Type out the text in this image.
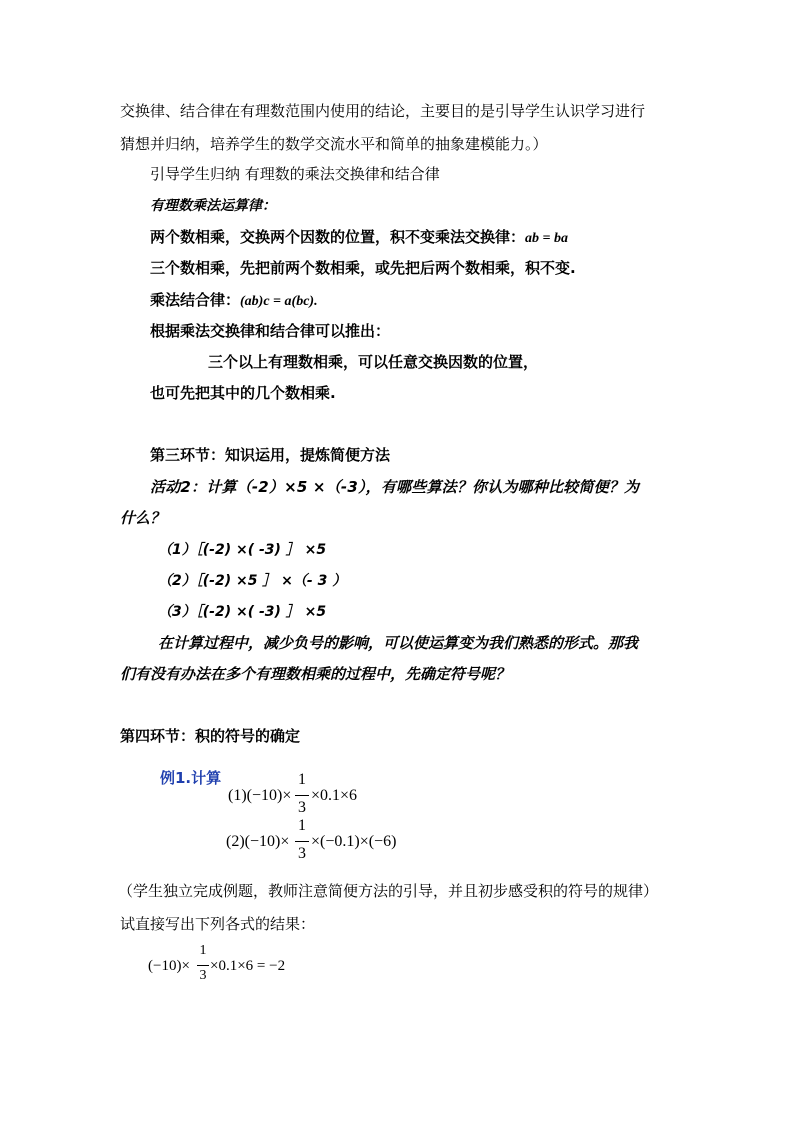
交换律、结合律在有理数范围内使用的结论，主要目的是引导学生认识学习进行
猜想并归纳，培养学生的数学交流水平和简单的抽象建模能力。）
引导学生归纳 有理数的乘法交换律和结合律
有理数乘法运算律：
两个数相乘，交换两个因数的位置，积不变乘法交换律：ab = ba
三个数相乘，先把前两个数相乘，或先把后两个数相乘，积不变.
乘法结合律：(ab)c = a(bc).
根据乘法交换律和结合律可以推出：
三个以上有理数相乘，可以任意交换因数的位置，
也可先把其中的几个数相乘.
第三环节：知识运用，提炼简便方法
活动2：计算（-2）×5 ×（-3），有哪些算法？你认为哪种比较简便？为
什么？
（1）［(-2) ×( -3) ］ ×5
（2）［(-2) ×5 ］ ×（- 3 ）
（3）［(-2) ×( -3) ］ ×5
在计算过程中，减少负号的影响，可以使运算变为我们熟悉的形式。那我
们有没有办法在多个有理数相乘的过程中，先确定符号呢？
第四环节：积的符号的确定
例1.计算
(1)(−10)×
1
3
×0.1×6
(2)(−10)×
1
3
×(−0.1)×(−6)
（学生独立完成例题，教师注意简便方法的引导，并且初步感受积的符号的规律）
试直接写出下列各式的结果：
(−10)×
1
3
×0.1×6 = −2
